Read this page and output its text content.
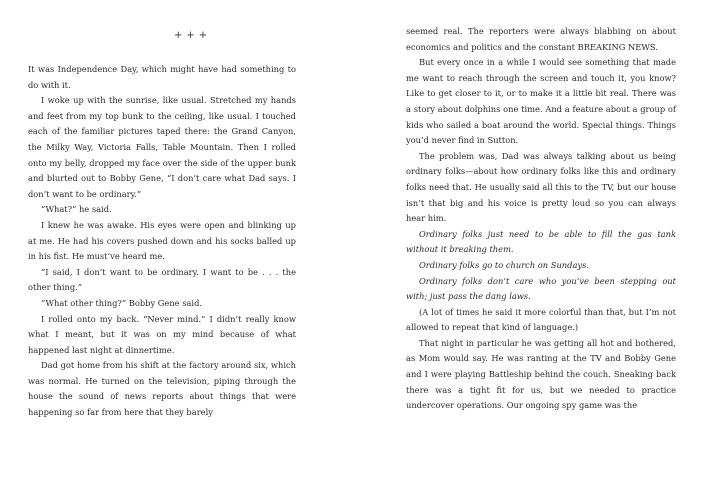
+++

It was Independence Day, which might have had something to do with it.

I woke up with the sunrise, like usual. Stretched my hands and feet from my top bunk to the ceiling, like usual. I touched each of the familiar pictures taped there: the Grand Canyon, the Milky Way, Victoria Falls, Table Mountain. Then I rolled onto my belly, dropped my face over the side of the upper bunk and blurted out to Bobby Gene, “I don’t care what Dad says. I don’t want to be ordinary.”

“What?” he said.

I knew he was awake. His eyes were open and blinking up at me. He had his covers pushed down and his socks balled up in his fist. He must’ve heard me.

“I said, I don’t want to be ordinary. I want to be . . . the other thing.”

“What other thing?” Bobby Gene said.

I rolled onto my back. “Never mind.” I didn’t really know what I meant, but it was on my mind because of what happened last night at dinnertime.

Dad got home from his shift at the factory around six, which was normal. He turned on the television, piping through the house the sound of news reports about things that were happening so far from here that they barely

seemed real. The reporters were always blabbing on about economics and politics and the constant BREAKING NEWS.

But every once in a while I would see something that made me want to reach through the screen and touch it, you know? Like to get closer to it, or to make it a little bit real. There was a story about dolphins one time. And a feature about a group of kids who sailed a boat around the world. Special things. Things you’d never find in Sutton.

The problem was, Dad was always talking about us being ordinary folks—about how ordinary folks like this and ordinary folks need that. He usually said all this to the TV, but our house isn’t that big and his voice is pretty loud so you can always hear him.

Ordinary folks just need to be able to fill the gas tank without it breaking them.

Ordinary folks go to church on Sundays.

Ordinary folks don’t care who you’ve been stepping out with; just pass the dang laws.

(A lot of times he said it more colorful than that, but I’m not allowed to repeat that kind of language.)

That night in particular he was getting all hot and bothered, as Mom would say. He was ranting at the TV and Bobby Gene and I were playing Battleship behind the couch. Sneaking back there was a tight fit for us, but we needed to practice undercover operations. Our ongoing spy game was the
